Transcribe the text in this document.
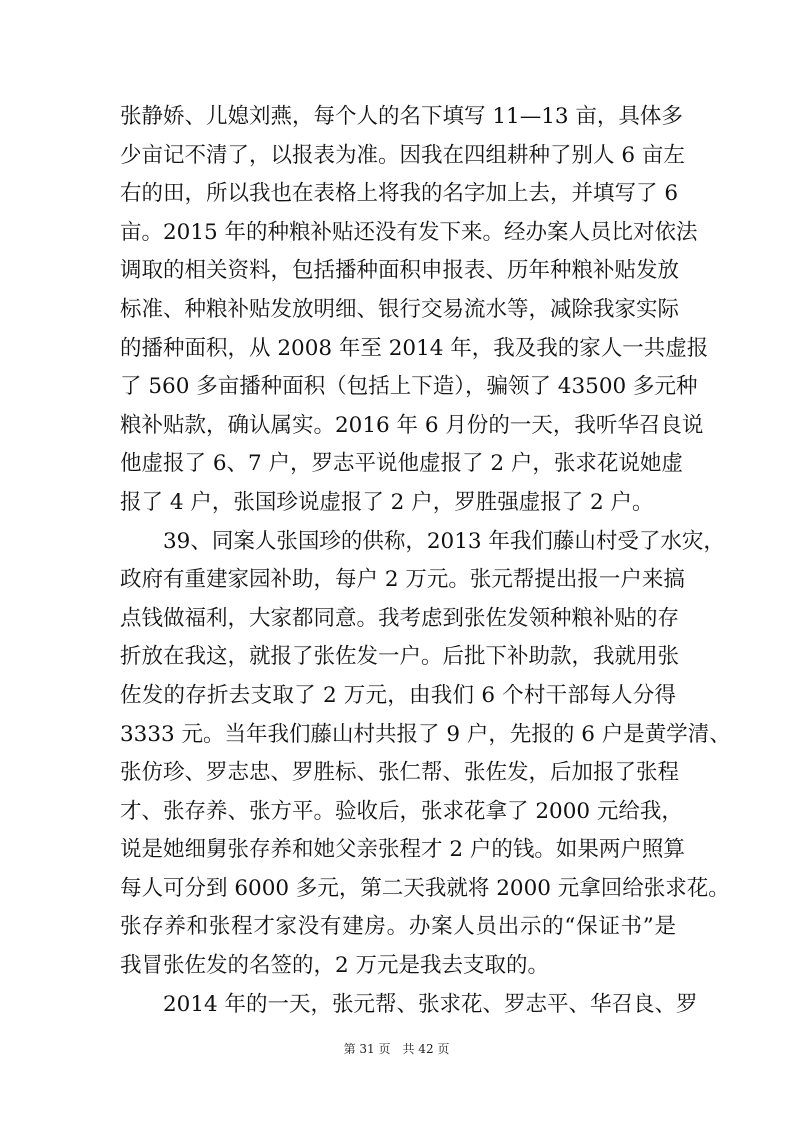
张静娇、儿媳刘燕，每个人的名下填写 11—13 亩，具体多
少亩记不清了，以报表为准。因我在四组耕种了别人 6 亩左
右的田，所以我也在表格上将我的名字加上去，并填写了 6
亩。2015 年的种粮补贴还没有发下来。经办案人员比对依法
调取的相关资料，包括播种面积申报表、历年种粮补贴发放
标准、种粮补贴发放明细、银行交易流水等，减除我家实际
的播种面积，从 2008 年至 2014 年，我及我的家人一共虚报
了 560 多亩播种面积（包括上下造），骗领了 43500 多元种
粮补贴款，确认属实。2016 年 6 月份的一天，我听华召良说
他虚报了 6、7 户，罗志平说他虚报了 2 户，张求花说她虚
报了 4 户，张国珍说虚报了 2 户，罗胜强虚报了 2 户。
39、同案人张国珍的供称，2013 年我们藤山村受了水灾，
政府有重建家园补助，每户 2 万元。张元帮提出报一户来搞
点钱做福利，大家都同意。我考虑到张佐发领种粮补贴的存
折放在我这，就报了张佐发一户。后批下补助款，我就用张
佐发的存折去支取了 2 万元，由我们 6 个村干部每人分得
3333 元。当年我们藤山村共报了 9 户，先报的 6 户是黄学清、
张仿珍、罗志忠、罗胜标、张仁帮、张佐发，后加报了张程
才、张存养、张方平。验收后，张求花拿了 2000 元给我，
说是她细舅张存养和她父亲张程才 2 户的钱。如果两户照算
每人可分到 6000 多元，第二天我就将 2000 元拿回给张求花。
张存养和张程才家没有建房。办案人员出示的“保证书”是
我冒张佐发的名签的，2 万元是我去支取的。
2014 年的一天，张元帮、张求花、罗志平、华召良、罗
第 31 页　共 42 页
